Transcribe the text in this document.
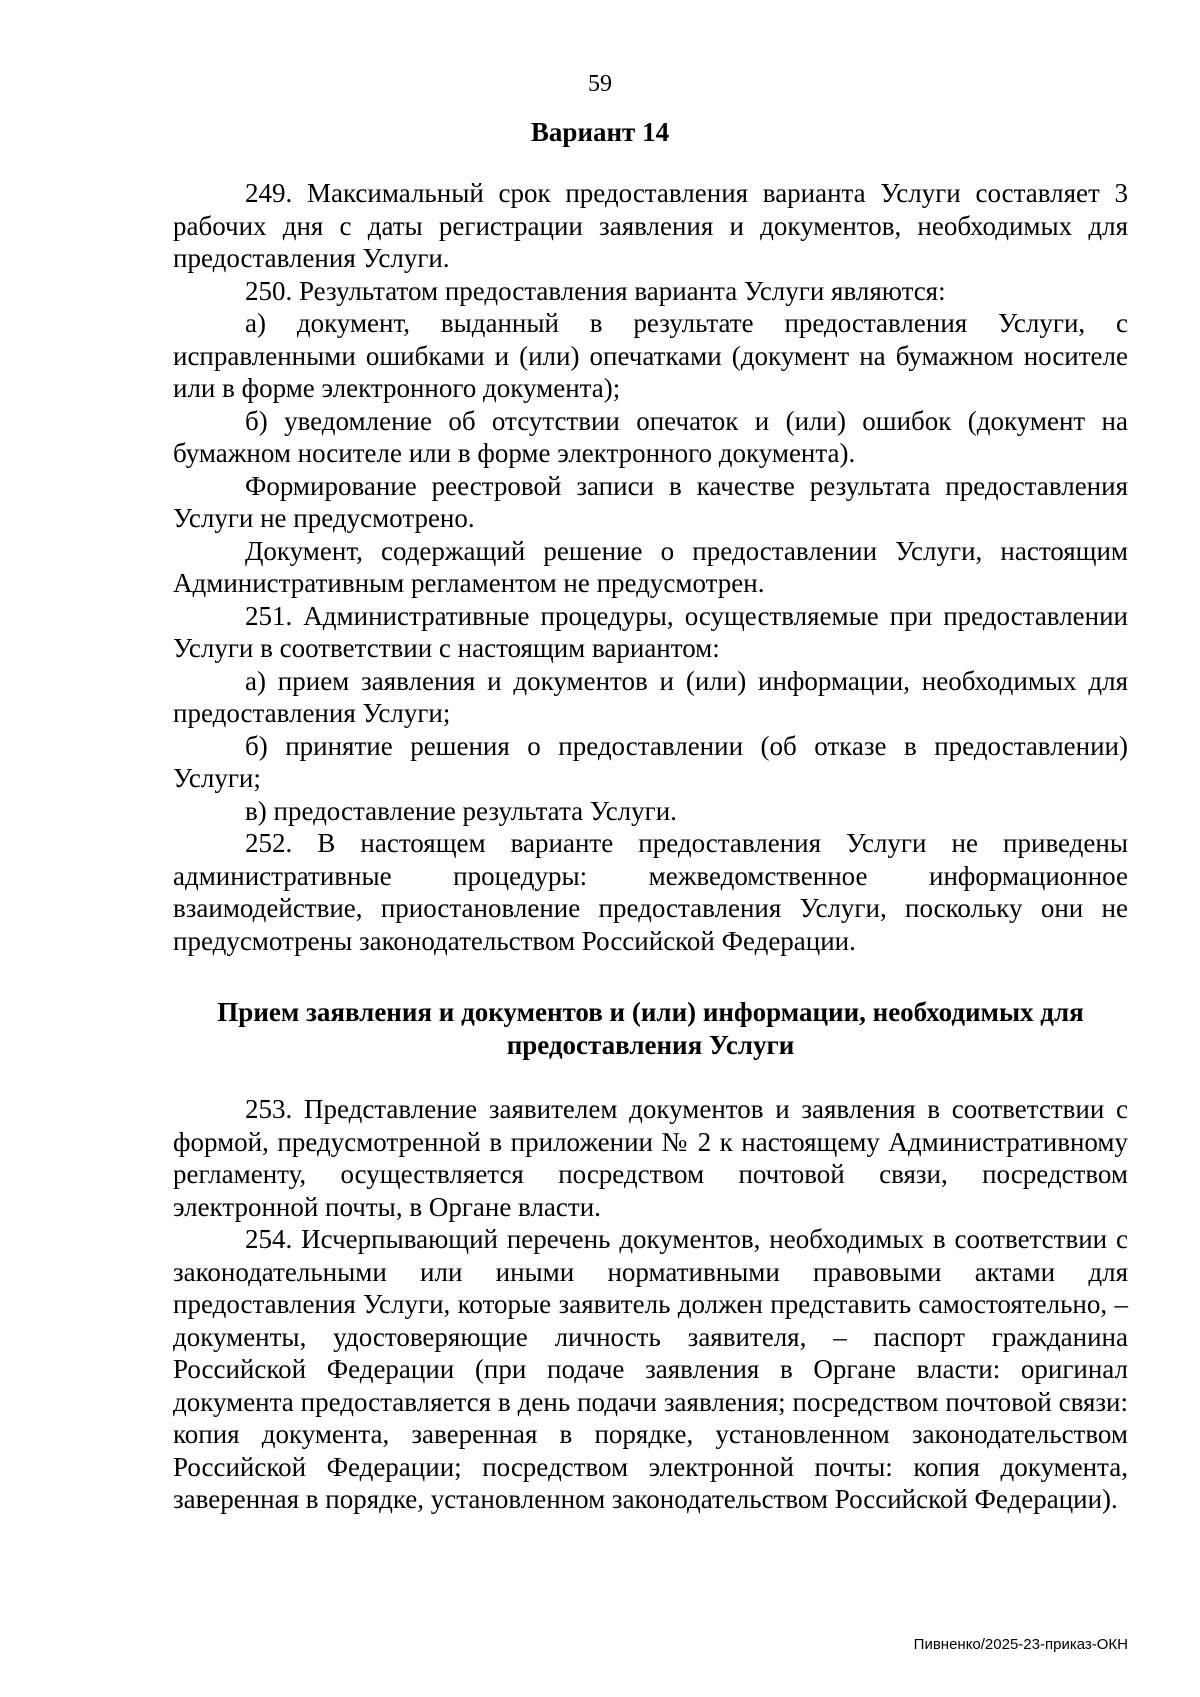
59
Вариант 14

249. Максимальный срок предоставления варианта Услуги составляет 3 рабочих дня с даты регистрации заявления и документов, необходимых для предоставления Услуги.

250. Результатом предоставления варианта Услуги являются:

а) документ, выданный в результате предоставления Услуги, с исправленными ошибками и (или) опечатками (документ на бумажном носителе или в форме электронного документа);

б) уведомление об отсутствии опечаток и (или) ошибок (документ на бумажном носителе или в форме электронного документа).

Формирование реестровой записи в качестве результата предоставления Услуги не предусмотрено.

Документ, содержащий решение о предоставлении Услуги, настоящим Административным регламентом не предусмотрен.

251. Административные процедуры, осуществляемые при предоставлении Услуги в соответствии с настоящим вариантом:

а) прием заявления и документов и (или) информации, необходимых для предоставления Услуги;

б) принятие решения о предоставлении (об отказе в предоставлении) Услуги;

в) предоставление результата Услуги.

252. В настоящем варианте предоставления Услуги не приведены административные процедуры: межведомственное информационное взаимодействие, приостановление предоставления Услуги, поскольку они не предусмотрены законодательством Российской Федерации.

Прием заявления и документов и (или) информации, необходимых для предоставления Услуги

253. Представление заявителем документов и заявления в соответствии с формой, предусмотренной в приложении № 2 к настоящему Административному регламенту, осуществляется посредством почтовой связи, посредством электронной почты, в Органе власти.

254. Исчерпывающий перечень документов, необходимых в соответствии с законодательными или иными нормативными правовыми актами для предоставления Услуги, которые заявитель должен представить самостоятельно, – документы, удостоверяющие личность заявителя, – паспорт гражданина Российской Федерации (при подаче заявления в Органе власти: оригинал документа предоставляется в день подачи заявления; посредством почтовой связи: копия документа, заверенная в порядке, установленном законодательством Российской Федерации; посредством электронной почты: копия документа, заверенная в порядке, установленном законодательством Российской Федерации).

Пивненко/2025-23-приказ-ОКН
